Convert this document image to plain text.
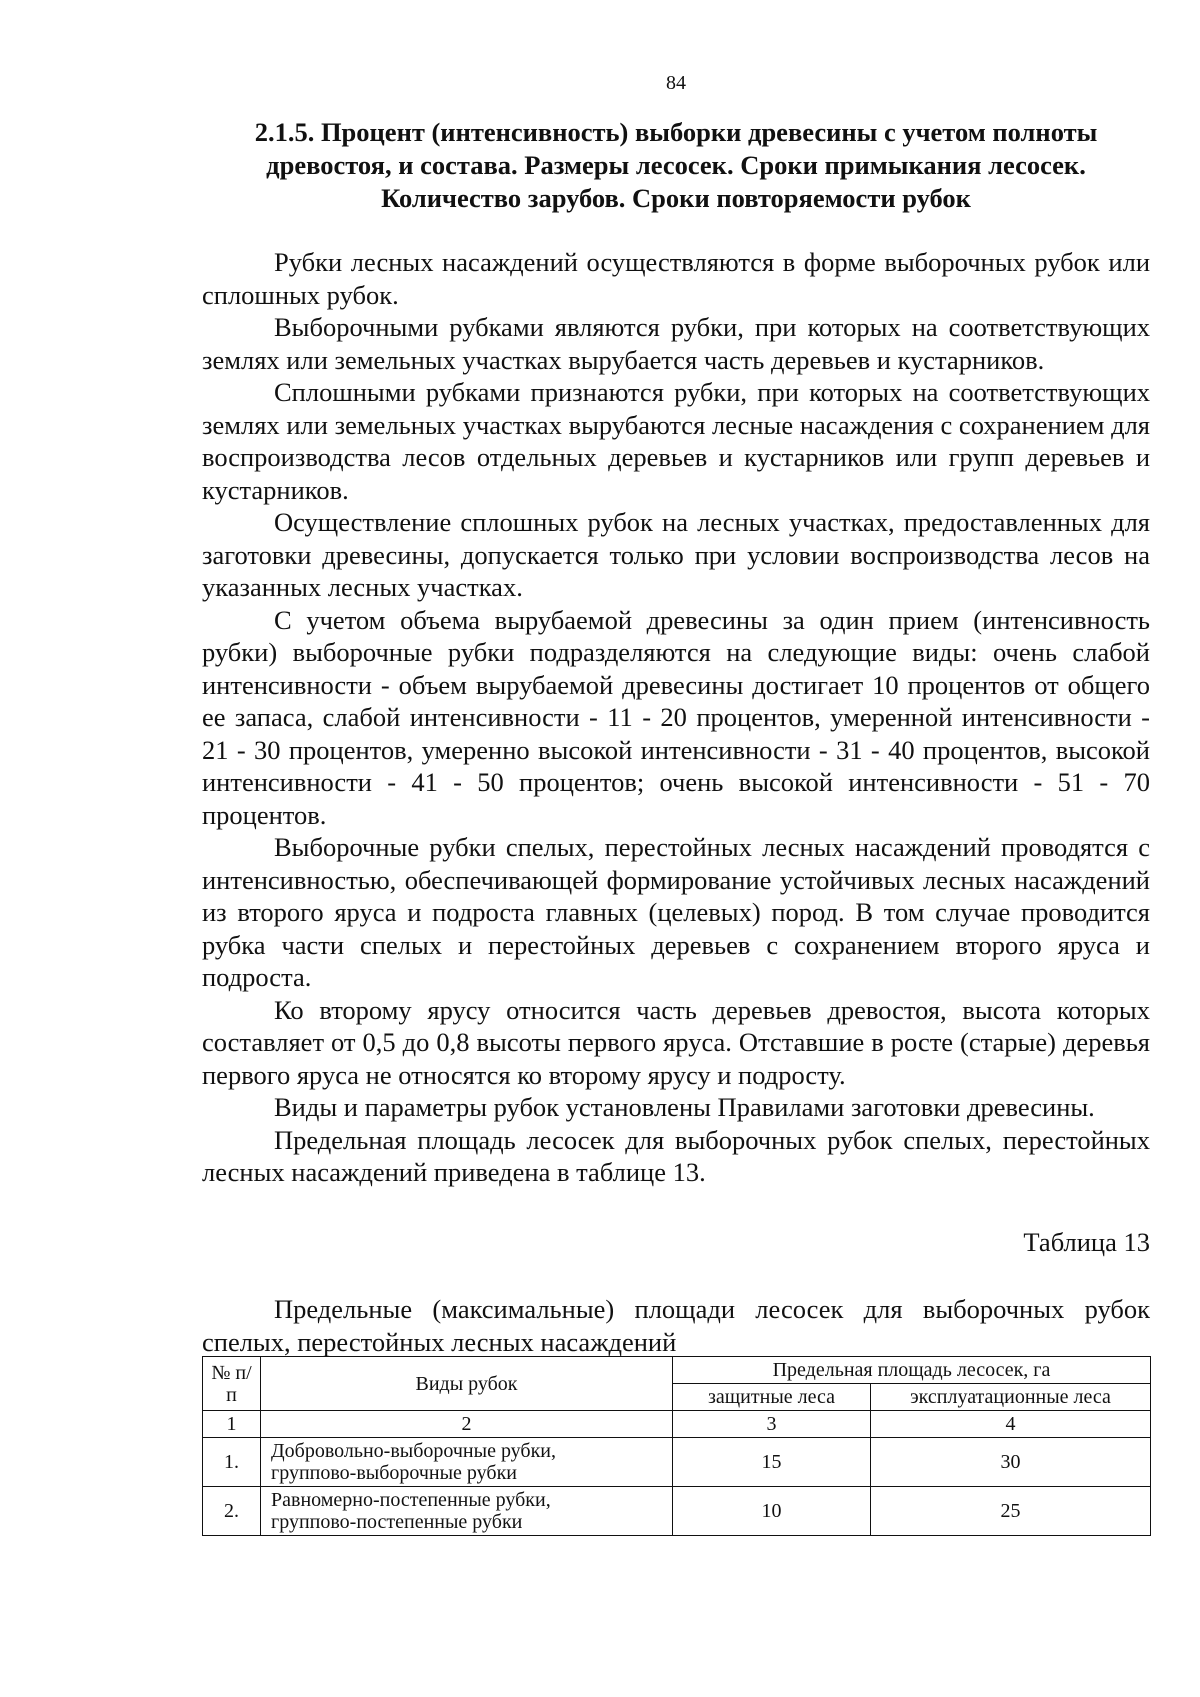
84
2.1.5. Процент (интенсивность) выборки древесины с учетом полноты
древостоя, и состава. Размеры лесосек. Сроки примыкания лесосек.
Количество зарубов. Сроки повторяемости рубок

Рубки лесных насаждений осуществляются в форме выборочных рубок или сплошных рубок.

Выборочными рубками являются рубки, при которых на соответствующих землях или земельных участках вырубается часть деревьев и кустарников.

Сплошными рубками признаются рубки, при которых на соответствующих землях или земельных участках вырубаются лесные насаждения с сохранением для воспроизводства лесов отдельных деревьев и кустарников или групп деревьев и кустарников.

Осуществление сплошных рубок на лесных участках, предоставленных для заготовки древесины, допускается только при условии воспроизводства лесов на указанных лесных участках.

С учетом объема вырубаемой древесины за один прием (интенсивность рубки) выборочные рубки подразделяются на следующие виды: очень слабой интенсивности - объем вырубаемой древесины достигает 10 процентов от общего ее запаса, слабой интенсивности - 11 - 20 процентов, умеренной интенсивности - 21 - 30 процентов, умеренно высокой интенсивности - 31 - 40 процентов, высокой интенсивности - 41 - 50 процентов; очень высокой интенсивности - 51 - 70 процентов.

Выборочные рубки спелых, перестойных лесных насаждений проводятся с интенсивностью, обеспечивающей формирование устойчивых лесных насаждений из второго яруса и подроста главных (целевых) пород. В том случае проводится рубка части спелых и перестойных деревьев с сохранением второго яруса и подроста.

Ко второму ярусу относится часть деревьев древостоя, высота которых составляет от 0,5 до 0,8 высоты первого яруса. Отставшие в росте (старые) деревья первого яруса не относятся ко второму ярусу и подросту.

Виды и параметры рубок установлены Правилами заготовки древесины.

Предельная площадь лесосек для выборочных рубок спелых, перестойных лесных насаждений приведена в таблице 13.

Таблица 13
Предельные (максимальные) площади лесосек для выборочных рубок спелых, перестойных лесных насаждений
№ п/п	Виды рубок	Предельная площадь лесосек, га	
		защитные леса	эксплуатационные леса
1	2	3	4
1.	Добровольно-выборочные рубки,
группово-выборочные рубки	15	30
2.	Равномерно-постепенные рубки,
группово-постепенные рубки	10	25
